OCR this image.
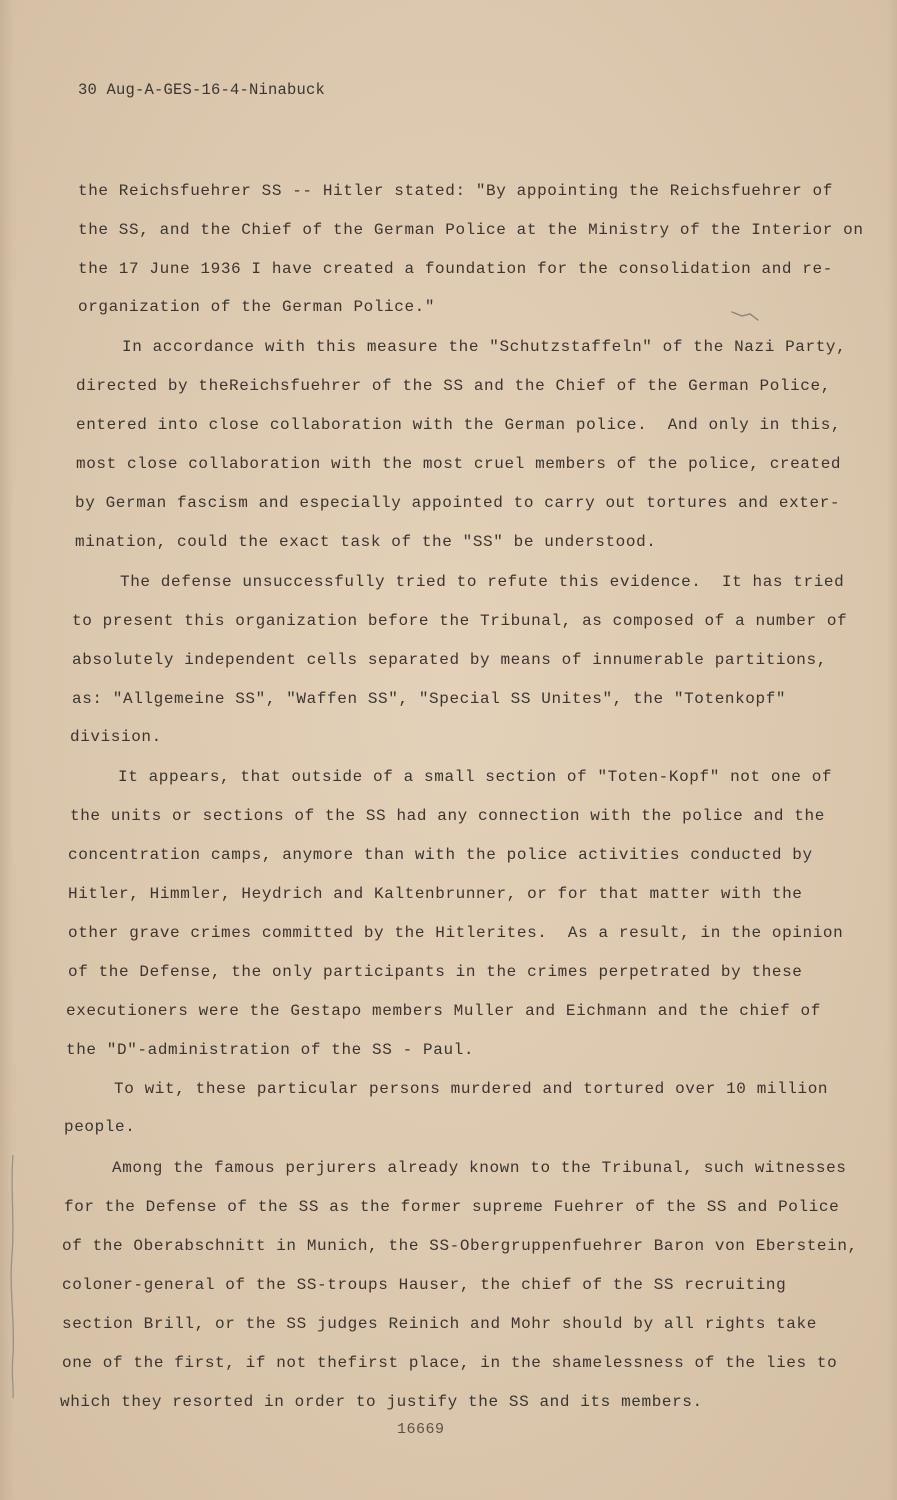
30 Aug-A-GES-16-4-Ninabuck
the Reichsfuehrer SS -- Hitler stated: "By appointing the Reichsfuehrer of
the SS, and the Chief of the German Police at the Ministry of the Interior on
the 17 June 1936 I have created a foundation for the consolidation and re-
organization of the German Police."
In accordance with this measure the "Schutzstaffeln" of the Nazi Party,
directed by theReichsfuehrer of the SS and the Chief of the German Police,
entered into close collaboration with the German police.  And only in this,
most close collaboration with the most cruel members of the police, created
by German fascism and especially appointed to carry out tortures and exter-
mination, could the exact task of the "SS" be understood.
The defense unsuccessfully tried to refute this evidence.  It has tried
to present this organization before the Tribunal, as composed of a number of
absolutely independent cells separated by means of innumerable partitions,
as: "Allgemeine SS", "Waffen SS", "Special SS Unites", the "Totenkopf"
division.
It appears, that outside of a small section of "Toten-Kopf" not one of
the units or sections of the SS had any connection with the police and the
concentration camps, anymore than with the police activities conducted by
Hitler, Himmler, Heydrich and Kaltenbrunner, or for that matter with the
other grave crimes committed by the Hitlerites.  As a result, in the opinion
of the Defense, the only participants in the crimes perpetrated by these
executioners were the Gestapo members Muller and Eichmann and the chief of
the "D"-administration of the SS - Paul.
To wit, these particular persons murdered and tortured over 10 million
people.
Among the famous perjurers already known to the Tribunal, such witnesses
for the Defense of the SS as the former supreme Fuehrer of the SS and Police
of the Oberabschnitt in Munich, the SS-Obergruppenfuehrer Baron von Eberstein,
coloner-general of the SS-troups Hauser, the chief of the SS recruiting
section Brill, or the SS judges Reinich and Mohr should by all rights take
one of the first, if not thefirst place, in the shamelessness of the lies to
which they resorted in order to justify the SS and its members.
16669
